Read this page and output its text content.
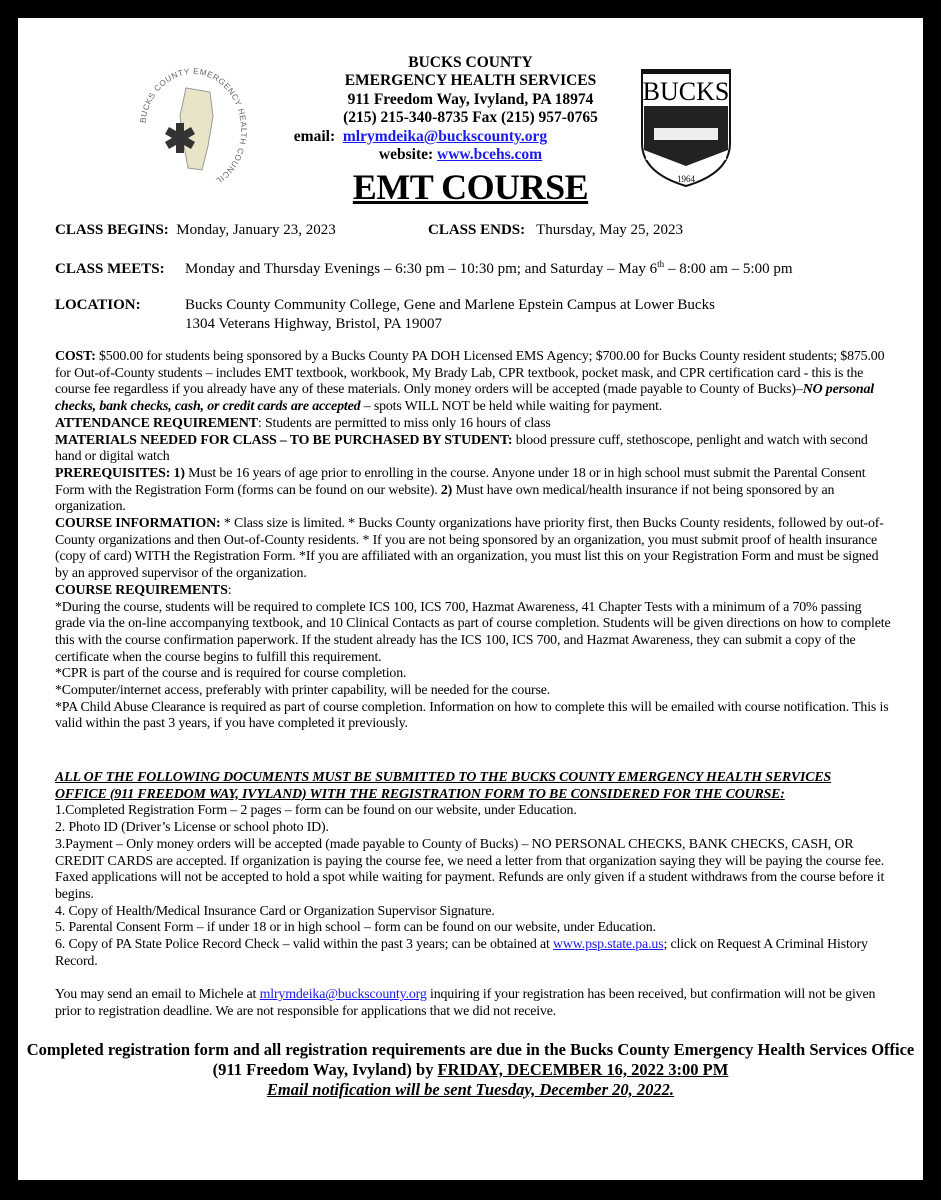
BUCKS COUNTY EMERGENCY HEALTH COUNCIL
BUCKS
1964
BUCKS COUNTY
EMERGENCY HEALTH SERVICES
911 Freedom Way, Ivyland, PA 18974
(215) 215-340-8735 Fax (215) 957-0765
email: mlrymdeika@buckscounty.org
website: www.bcehs.com
EMT COURSE
CLASS BEGINS: Monday, January 23, 2023	CLASS ENDS: Thursday, May 25, 2023
CLASS MEETS: Monday and Thursday Evenings – 6:30 pm – 10:30 pm; and Saturday – May 6th – 8:00 am – 5:00 pm
LOCATION:	Bucks County Community College, Gene and Marlene Epstein Campus at Lower Bucks
1304 Veterans Highway, Bristol, PA 19007

COST: $500.00 for students being sponsored by a Bucks County PA DOH Licensed EMS Agency; $700.00 for Bucks County resident students; $875.00 for Out-of-County students – includes EMT textbook, workbook, My Brady Lab, CPR textbook, pocket mask, and CPR certification card - this is the course fee regardless if you already have any of these materials. Only money orders will be accepted (made payable to County of Bucks)–NO personal checks, bank checks, cash, or credit cards are accepted – spots WILL NOT be held while waiting for payment.

ATTENDANCE REQUIREMENT: Students are permitted to miss only 16 hours of class

MATERIALS NEEDED FOR CLASS – TO BE PURCHASED BY STUDENT: blood pressure cuff, stethoscope, penlight and watch with second hand or digital watch

PREREQUISITES: 1) Must be 16 years of age prior to enrolling in the course. Anyone under 18 or in high school must submit the Parental Consent Form with the Registration Form (forms can be found on our website). 2) Must have own medical/health insurance if not being sponsored by an organization.

COURSE INFORMATION: * Class size is limited. * Bucks County organizations have priority first, then Bucks County residents, followed by out-of-County organizations and then Out-of-County residents. * If you are not being sponsored by an organization, you must submit proof of health insurance (copy of card) WITH the Registration Form. *If you are affiliated with an organization, you must list this on your Registration Form and must be signed by an approved supervisor of the organization.

COURSE REQUIREMENTS:

*During the course, students will be required to complete ICS 100, ICS 700, Hazmat Awareness, 41 Chapter Tests with a minimum of a 70% passing grade via the on-line accompanying textbook, and 10 Clinical Contacts as part of course completion. Students will be given directions on how to complete this with the course confirmation paperwork. If the student already has the ICS 100, ICS 700, and Hazmat Awareness, they can submit a copy of the certificate when the course begins to fulfill this requirement.

*CPR is part of the course and is required for course completion.

*Computer/internet access, preferably with printer capability, will be needed for the course.

*PA Child Abuse Clearance is required as part of course completion. Information on how to complete this will be emailed with course notification. This is valid within the past 3 years, if you have completed it previously.

ALL OF THE FOLLOWING DOCUMENTS MUST BE SUBMITTED TO THE BUCKS COUNTY EMERGENCY HEALTH SERVICES OFFICE (911 FREEDOM WAY, IVYLAND) WITH THE REGISTRATION FORM TO BE CONSIDERED FOR THE COURSE:

1.Completed Registration Form – 2 pages – form can be found on our website, under Education.

2. Photo ID (Driver’s License or school photo ID).

3.Payment – Only money orders will be accepted (made payable to County of Bucks) – NO PERSONAL CHECKS, BANK CHECKS, CASH, OR CREDIT CARDS are accepted. If organization is paying the course fee, we need a letter from that organization saying they will be paying the course fee. Faxed applications will not be accepted to hold a spot while waiting for payment. Refunds are only given if a student withdraws from the course before it begins.

4. Copy of Health/Medical Insurance Card or Organization Supervisor Signature.

5. Parental Consent Form – if under 18 or in high school – form can be found on our website, under Education.

6. Copy of PA State Police Record Check – valid within the past 3 years; can be obtained at www.psp.state.pa.us; click on Request A Criminal History Record.

You may send an email to Michele at mlrymdeika@buckscounty.org inquiring if your registration has been received, but confirmation will not be given prior to registration deadline. We are not responsible for applications that we did not receive.

Completed registration form and all registration requirements are due in the Bucks County Emergency Health Services Office (911 Freedom Way, Ivyland) by FRIDAY, DECEMBER 16, 2022 3:00 PM
Email notification will be sent Tuesday, December 20, 2022.
